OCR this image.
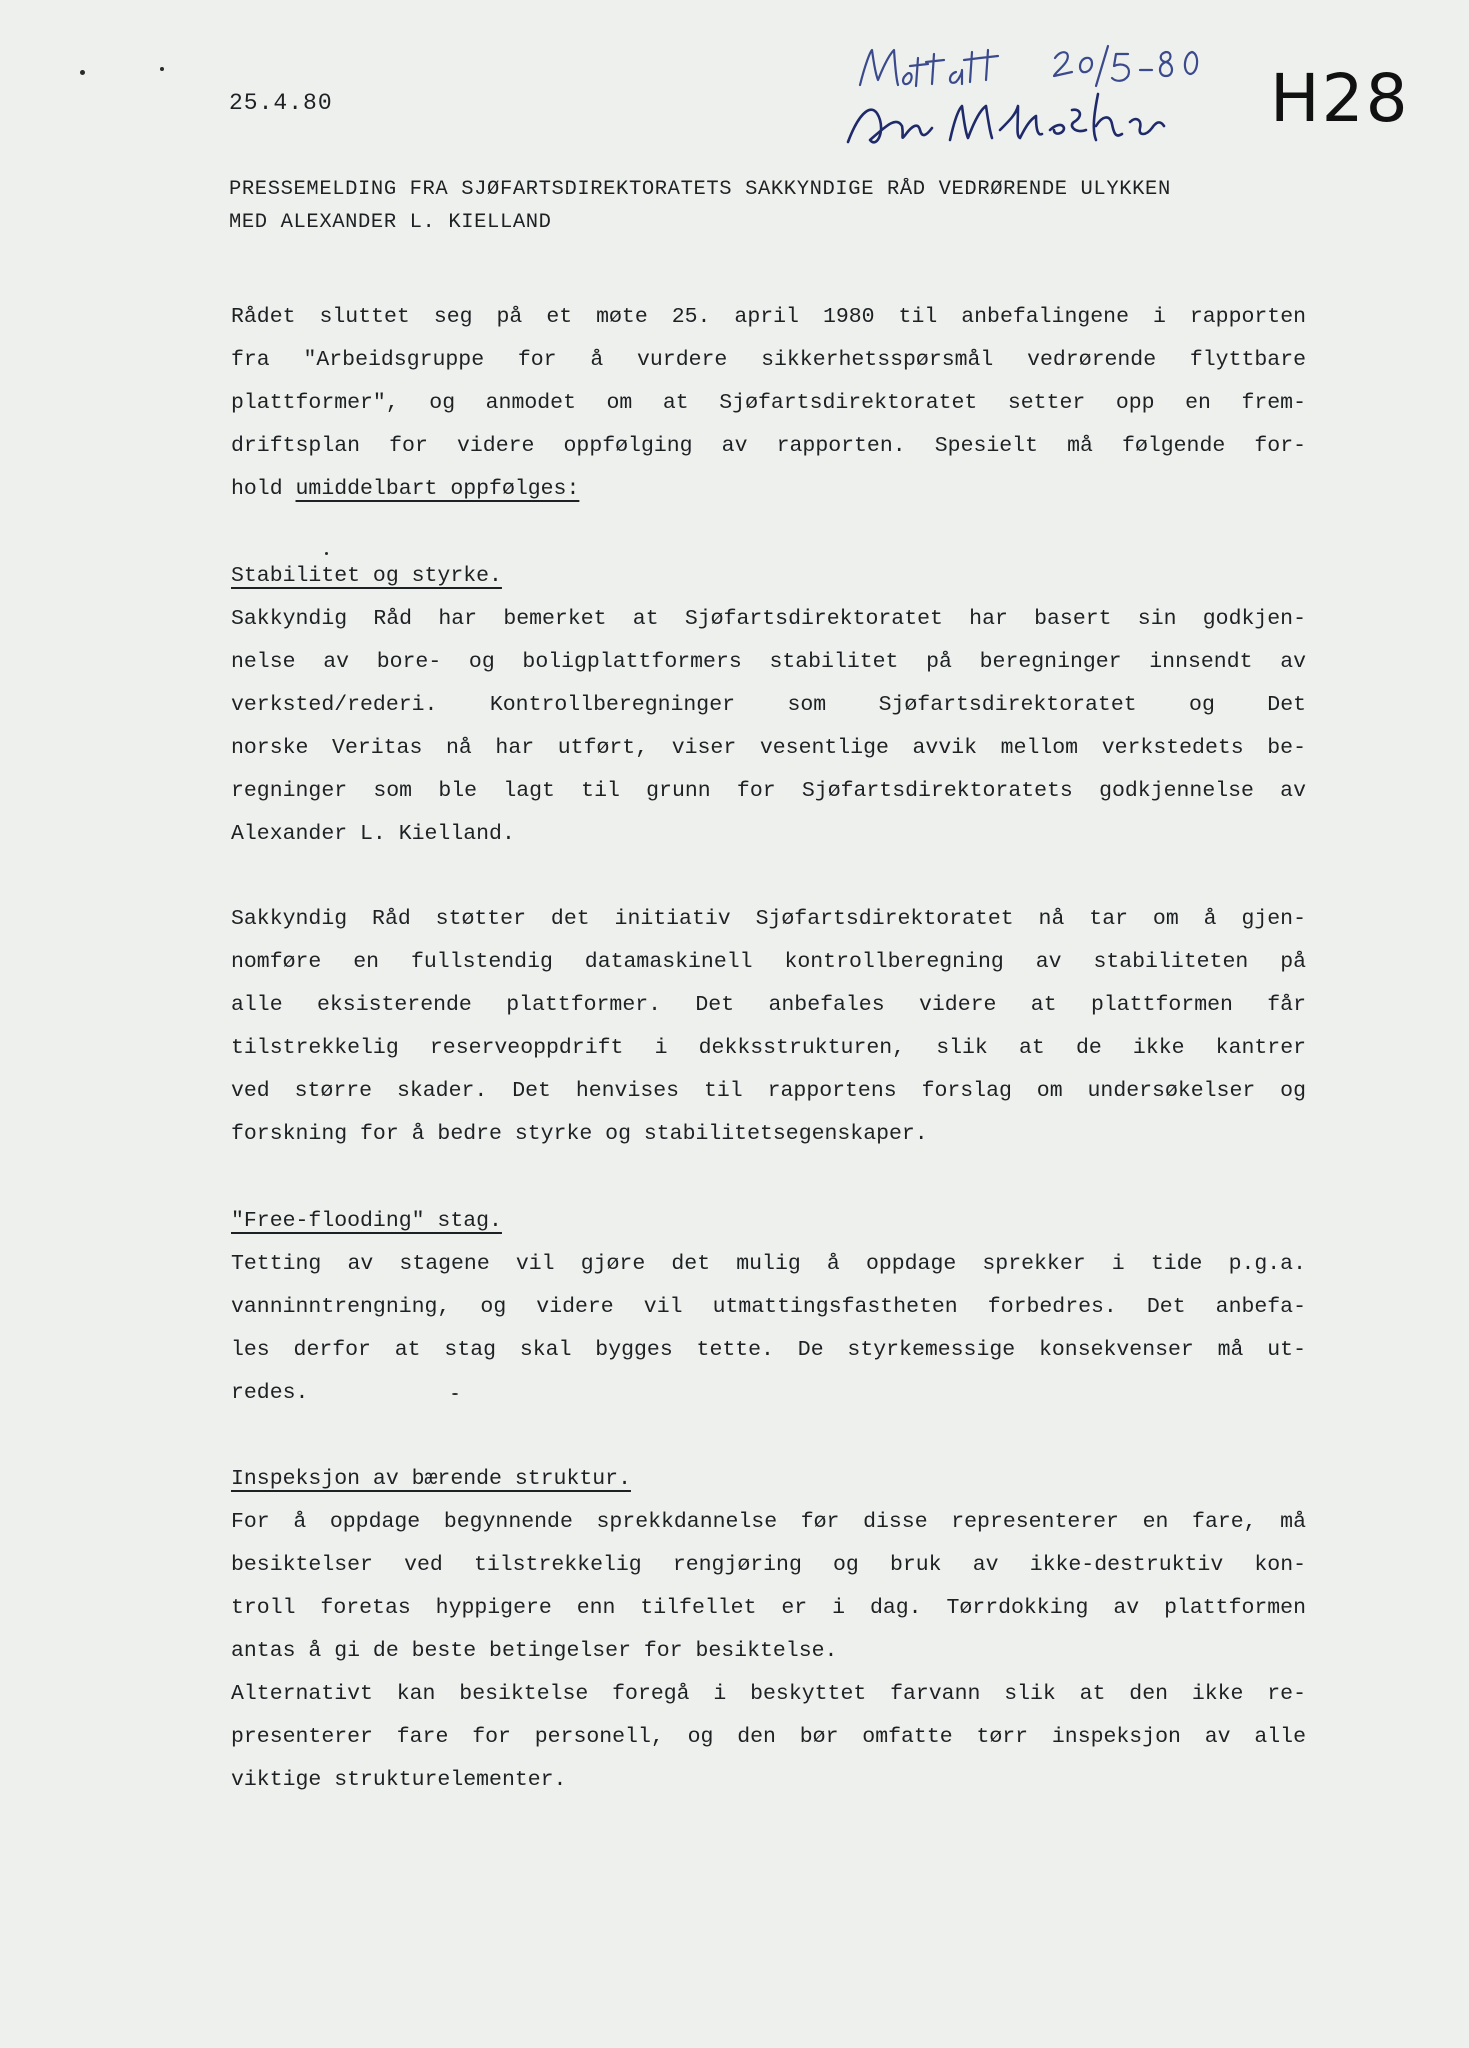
25.4.80	H28
PRESSEMELDING FRA SJØFARTSDIREKTORATETS SAKKYNDIGE RÅD VEDRØRENDE ULYKKEN
MED ALEXANDER L. KIELLAND
Rådet sluttet seg på et møte 25. april 1980 til anbefalingene i rapporten
fra "Arbeidsgruppe for å vurdere sikkerhetsspørsmål vedrørende flyttbare
plattformer", og anmodet om at Sjøfartsdirektoratet setter opp en frem-
driftsplan for videre oppfølging av rapporten. Spesielt må følgende for-
hold umiddelbart oppfølges:
Stabilitet og styrke.
Sakkyndig Råd har bemerket at Sjøfartsdirektoratet har basert sin godkjen-
nelse av bore- og boligplattformers stabilitet på beregninger innsendt av
verksted/rederi. Kontrollberegninger som Sjøfartsdirektoratet og Det
norske Veritas nå har utført, viser vesentlige avvik mellom verkstedets be-
regninger som ble lagt til grunn for Sjøfartsdirektoratets godkjennelse av
Alexander L. Kielland.
Sakkyndig Råd støtter det initiativ Sjøfartsdirektoratet nå tar om å gjen-
nomføre en fullstendig datamaskinell kontrollberegning av stabiliteten på
alle eksisterende plattformer. Det anbefales videre at plattformen får
tilstrekkelig reserveoppdrift i dekksstrukturen, slik at de ikke kantrer
ved større skader. Det henvises til rapportens forslag om undersøkelser og
forskning for å bedre styrke og stabilitetsegenskaper.
"Free-flooding" stag.
Tetting av stagene vil gjøre det mulig å oppdage sprekker i tide p.g.a.
vanninntrengning, og videre vil utmattingsfastheten forbedres. Det anbefa-
les derfor at stag skal bygges tette. De styrkemessige konsekvenser må ut-
redes.
Inspeksjon av bærende struktur.
For å oppdage begynnende sprekkdannelse før disse representerer en fare, må
besiktelser ved tilstrekkelig rengjøring og bruk av ikke-destruktiv kon-
troll foretas hyppigere enn tilfellet er i dag. Tørrdokking av plattformen
antas å gi de beste betingelser for besiktelse.
Alternativt kan besiktelse foregå i beskyttet farvann slik at den ikke re-
presenterer fare for personell, og den bør omfatte tørr inspeksjon av alle
viktige strukturelementer.
